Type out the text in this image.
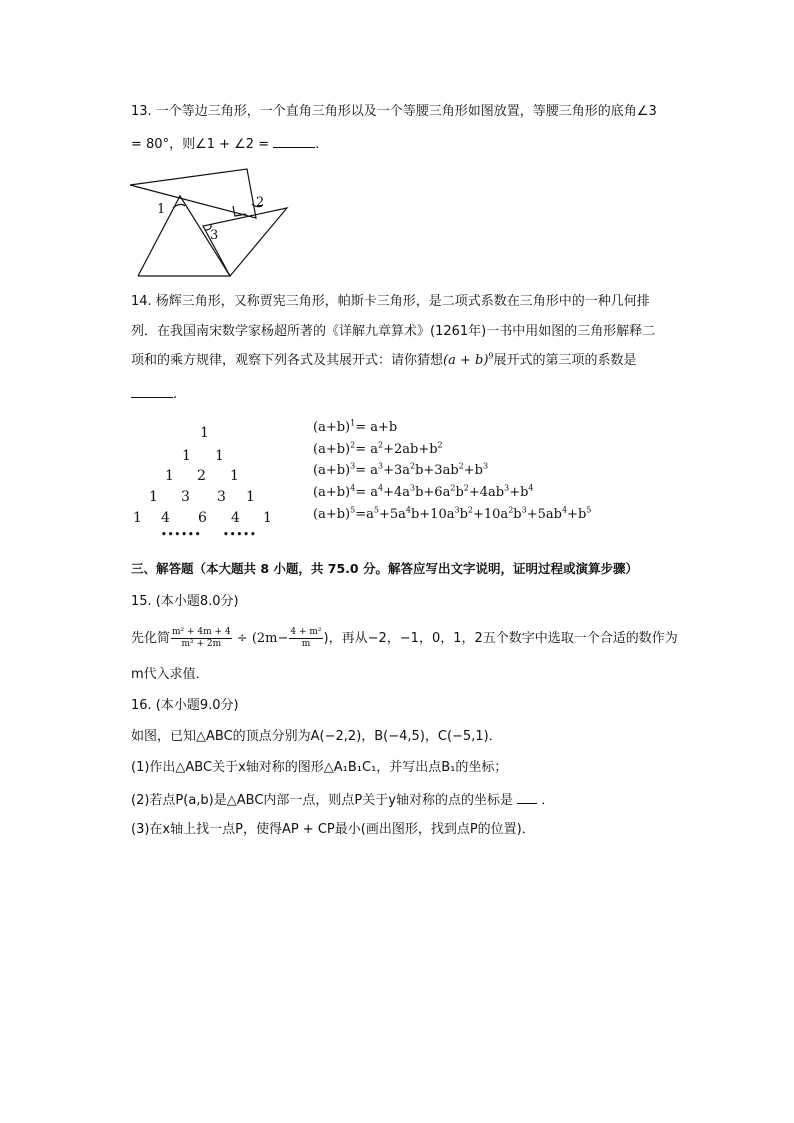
13. 一个等边三角形，一个直角三角形以及一个等腰三角形如图放置，等腰三角形的底角∠3
= 80°，则∠1 + ∠2 =	.
1	2
3
14. 杨辉三角形，又称贾宪三角形，帕斯卡三角形，是二项式系数在三角形中的一种几何排
列．在我国南宋数学家杨超所著的《详解九章算术》(1261年)一书中用如图的三角形解释二
项和的乘方规律，观察下列各式及其展开式：请你猜想$(a + b)^9$展开式的第三项的系数是
.
1
1 1
1 2 1
1 3 3 1
1 4 6 4 1
•••••• •••••
$(a+b)^1= a+b$
$(a+b)^2= a^2+2ab+b^2$
$(a+b)^3= a^3+3a^2b+3ab^2+b^3$
$(a+b)^4= a^4+4a^3b+6a^2b^2+4ab^3+b^4$
$(a+b)^5=a^5+5a^4b+10a^3b^2+10a^2b^3+5ab^4+b^5$
三、解答题（本大题共 8 小题，共 75.0 分。解答应写出文字说明，证明过程或演算步骤）
15. (本小题8.0分)
先化简 $\frac{\text{m² + 4m + 4}}{\text{m² + 2m}} \div (2m- \frac{\text{4 + m²}}{m}$ )，再从−2，−1，0，1，2五个数字中选取一个合适的数作为
m代入求值．
16. (本小题9.0分)
如图，已知△ABC的顶点分别为A(−2,2)，B(−4,5)，C(−5,1)．
(1)作出△ABC关于x轴对称的图形△A₁B₁C₁，并写出点B₁的坐标；
(2)若点P(a,b)是△ABC内部一点，则点P关于y轴对称的点的坐标是 ．
(3)在x轴上找一点P，使得AP + CP最小(画出图形，找到点P的位置)．
